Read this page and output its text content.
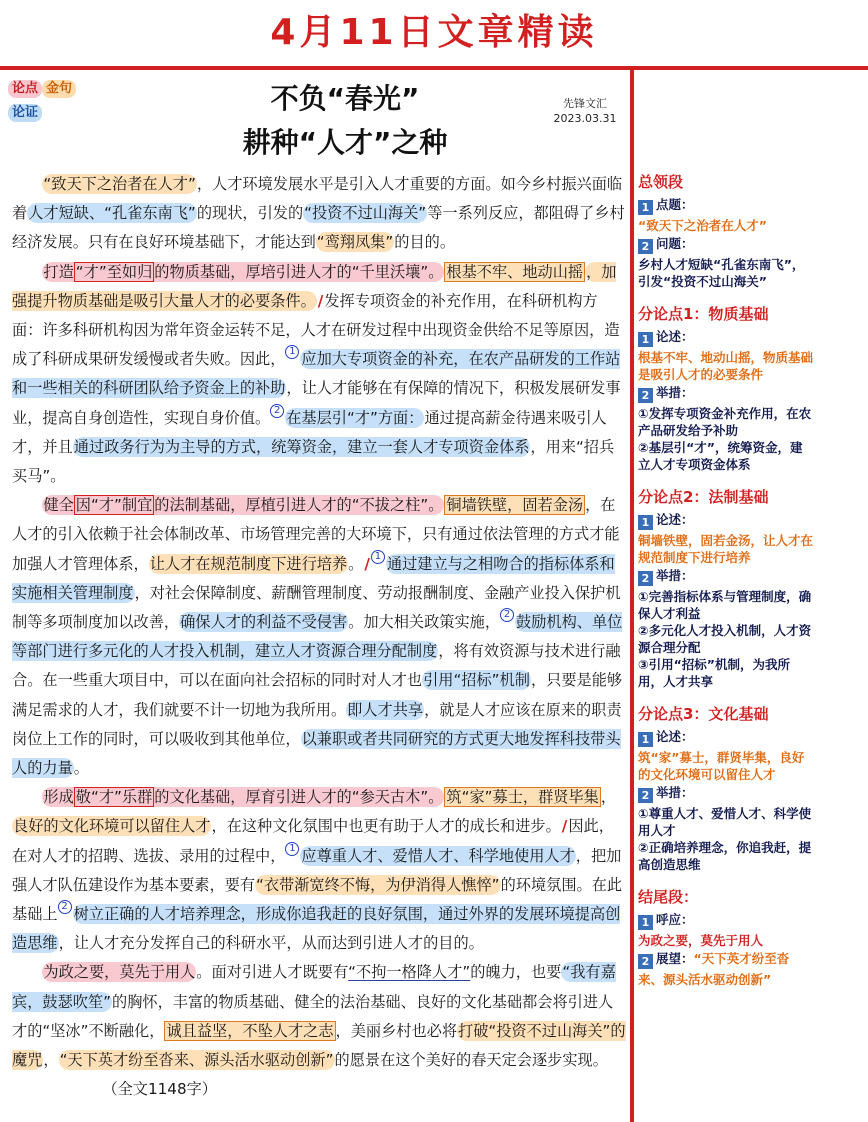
4月11日文章精读
论点 金句
论证	不负“春光”
耕种“人才”之种
先锋文汇
2023.03.31

“致天下之治者在人才”，人才环境发展水平是引入人才重要的方面。如今乡村振兴面临着人才短缺、“孔雀东南飞”的现状，引发的“投资不过山海关”等一系列反应，都阻碍了乡村经济发展。只有在良好环境基础下，才能达到“鸾翔凤集”的目的。

打造 “才”至如归 的物质基础，厚培引进人才的“千里沃壤”。 根基不牢、地动山摇 ，加强提升物质基础是吸引大量人才的必要条件。 /发挥专项资金的补充作用，在科研机构方面：许多科研机构因为常年资金运转不足，人才在研发过程中出现资金供给不足等原因，造成了科研成果研发缓慢或者失败。因此， 1 应加大专项资金的补充，在农产品研发的工作站和一些相关的科研团队给予资金上的补助，让人才能够在有保障的情况下，积极发展研发事业，提高自身创造性，实现自身价值。 2 在基层引“才”方面：通过提高薪金待遇来吸引人才，并且通过政务行为为主导的方式，统筹资金，建立一套人才专项资金体系，用来“招兵买马”。

健全 因“才”制宜 的法制基础，厚植引进人才的“不拔之柱”。 铜墙铁壁，固若金汤 ，在人才的引入依赖于社会体制改革、市场管理完善的大环境下，只有通过依法管理的方式才能加强人才管理体系，让人才在规范制度下进行培养。/ 1 通过建立与之相吻合的指标体系和实施相关管理制度，对社会保障制度、薪酬管理制度、劳动报酬制度、金融产业投入保护机制等多项制度加以改善，确保人才的利益不受侵害。加大相关政策实施， 2 鼓励机构、单位等部门进行多元化的人才投入机制，建立人才资源合理分配制度，将有效资源与技术进行融合。在一些重大项目中，可以在面向社会招标的同时对人才也引用“招标”机制，只要是能够满足需求的人才，我们就要不计一切地为我所用。即人才共享，就是人才应该在原来的职责岗位上工作的同时，可以吸收到其他单位，以兼职或者共同研究的方式更大地发挥科技带头人的力量。

形成 敬“才”乐群 的文化基础，厚育引进人才的“参天古木”。 筑“家”募士，群贤毕集 ，良好的文化环境可以留住人才，在这种文化氛围中也更有助于人才的成长和进步。/因此，在对人才的招聘、选拔、录用的过程中， 1 应尊重人才、爱惜人才、科学地使用人才，把加强人才队伍建设作为基本要素，要有“衣带渐宽终不悔，为伊消得人憔悴”的环境氛围。在此基础上 2 树立正确的人才培养理念，形成你追我赶的良好氛围，通过外界的发展环境提高创造思维，让人才充分发挥自己的科研水平，从而达到引进人才的目的。

为政之要，莫先于用人。面对引进人才既要有“不拘一格降人才”的魄力，也要“我有嘉宾，鼓瑟吹笙”的胸怀，丰富的物质基础、健全的法治基础、良好的文化基础都会将引进人才的“坚冰”不断融化， 诚且益坚，不坠人才之志 ，美丽乡村也必将打破“投资不过山海关”的魔咒，“天下英才纷至沓来、源头活水驱动创新”的愿景在这个美好的春天定会逐步实现。（全文1148字）

总领段
1 点题：
“致天下之治者在人才”
2 问题：
乡村人才短缺“孔雀东南飞”，
引发“投资不过山海关”
分论点1：物质基础
1 论述：
根基不牢、地动山摇，物质基础
是吸引人才的必要条件
2 举措：
①发挥专项资金补充作用，在农
产品研发给予补助
②基层引“才”，统筹资金，建
立人才专项资金体系
分论点2：法制基础
1 论述：
铜墙铁壁，固若金汤，让人才在
规范制度下进行培养
2 举措：
①完善指标体系与管理制度，确
保人才利益
②多元化人才投入机制，人才资
源合理分配
③引用“招标”机制，为我所
用，人才共享
分论点3：文化基础
1 论述：
筑“家”募士，群贤毕集，良好
的文化环境可以留住人才
2 举措：
①尊重人才、爱惜人才、科学使
用人才
②正确培养理念，你追我赶，提
高创造思维
结尾段：
1 呼应：
为政之要，莫先于用人
2 展望：“天下英才纷至沓
来、源头活水驱动创新”
